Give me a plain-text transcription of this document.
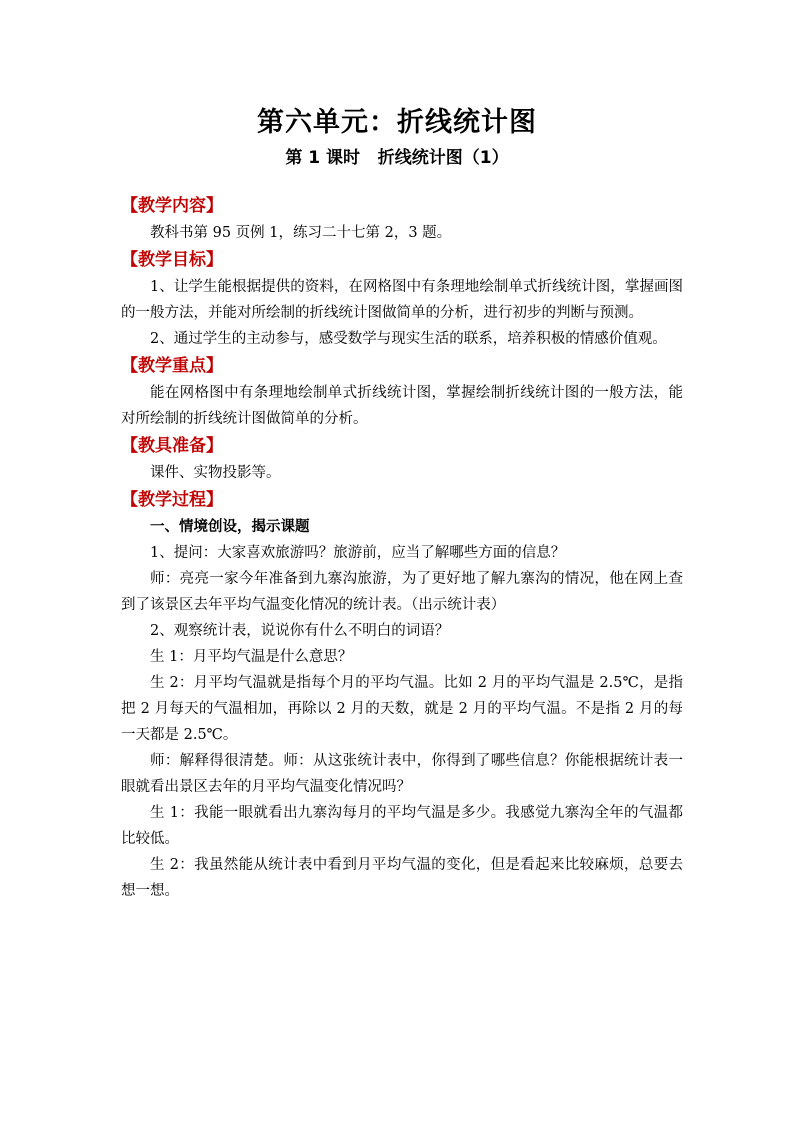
第六单元：折线统计图
第 1 课时   折线统计图（1）
【教学内容】

教科书第 95 页例 1，练习二十七第 2，3 题。

【教学目标】

1、让学生能根据提供的资料，在网格图中有条理地绘制单式折线统计图，掌握画图的一般方法，并能对所绘制的折线统计图做简单的分析，进行初步的判断与预测。

2、通过学生的主动参与，感受数学与现实生活的联系，培养积极的情感价值观。

【教学重点】

能在网格图中有条理地绘制单式折线统计图，掌握绘制折线统计图的一般方法，能对所绘制的折线统计图做简单的分析。

【教具准备】

课件、实物投影等。

【教学过程】

一、情境创设，揭示课题

1、提问：大家喜欢旅游吗？旅游前，应当了解哪些方面的信息？

师：亮亮一家今年准备到九寨沟旅游，为了更好地了解九寨沟的情况，他在网上查到了该景区去年平均气温变化情况的统计表。（出示统计表）

2、观察统计表，说说你有什么不明白的词语？

生 1：月平均气温是什么意思？

生 2：月平均气温就是指每个月的平均气温。比如 2 月的平均气温是 2.5℃，是指把 2 月每天的气温相加，再除以 2 月的天数，就是 2 月的平均气温。不是指 2 月的每一天都是 2.5℃。

师：解释得很清楚。师：从这张统计表中，你得到了哪些信息？你能根据统计表一眼就看出景区去年的月平均气温变化情况吗？

生 1：我能一眼就看出九寨沟每月的平均气温是多少。我感觉九寨沟全年的气温都比较低。

生 2：我虽然能从统计表中看到月平均气温的变化，但是看起来比较麻烦，总要去想一想。
